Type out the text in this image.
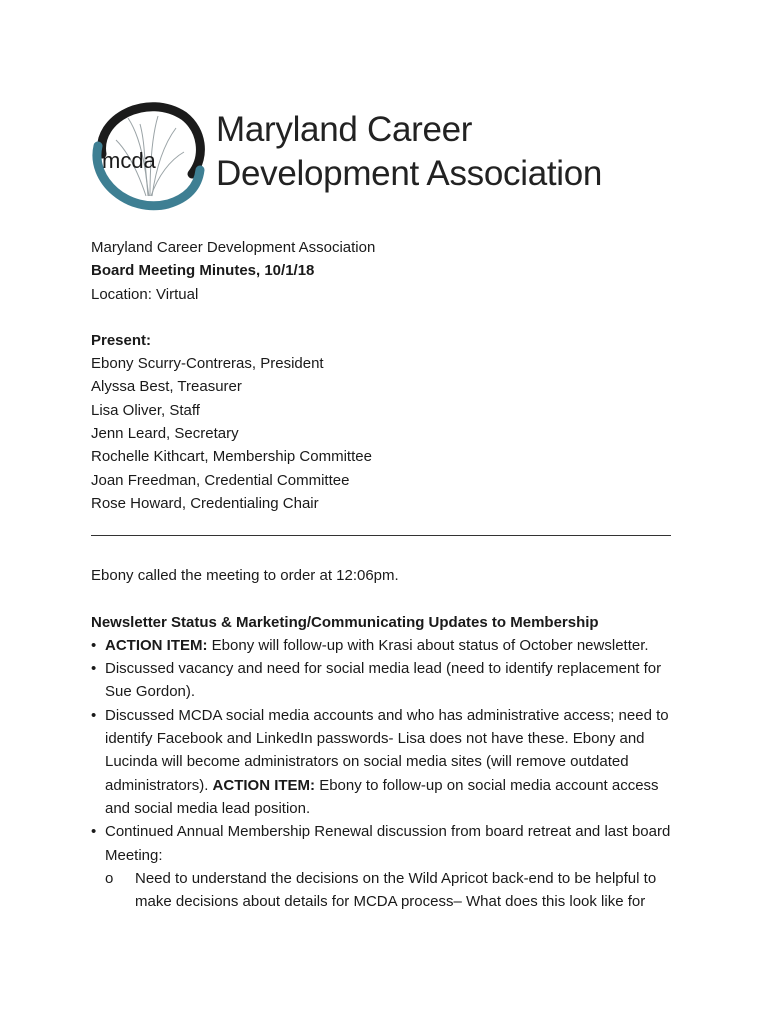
mcda
Maryland Career
Development Association
Maryland Career Development Association
Board Meeting Minutes, 10/1/18
Location: Virtual
Present:
Ebony Scurry-Contreras, President
Alyssa Best, Treasurer
Lisa Oliver, Staff
Jenn Leard, Secretary
Rochelle Kithcart, Membership Committee
Joan Freedman, Credential Committee
Rose Howard, Credentialing Chair
Ebony called the meeting to order at 12:06pm.
Newsletter Status & Marketing/Communicating Updates to Membership
• ACTION ITEM: Ebony will follow-up with Krasi about status of October newsletter.
• Discussed vacancy and need for social media lead (need to identify replacement for
Sue Gordon).
• Discussed MCDA social media accounts and who has administrative access; need to
identify Facebook and LinkedIn passwords- Lisa does not have these. Ebony and
Lucinda will become administrators on social media sites (will remove outdated
administrators). ACTION ITEM: Ebony to follow-up on social media account access
and social media lead position.
• Continued Annual Membership Renewal discussion from board retreat and last board
Meeting:
o Need to understand the decisions on the Wild Apricot back-end to be helpful to
make decisions about details for MCDA process– What does this look like for
